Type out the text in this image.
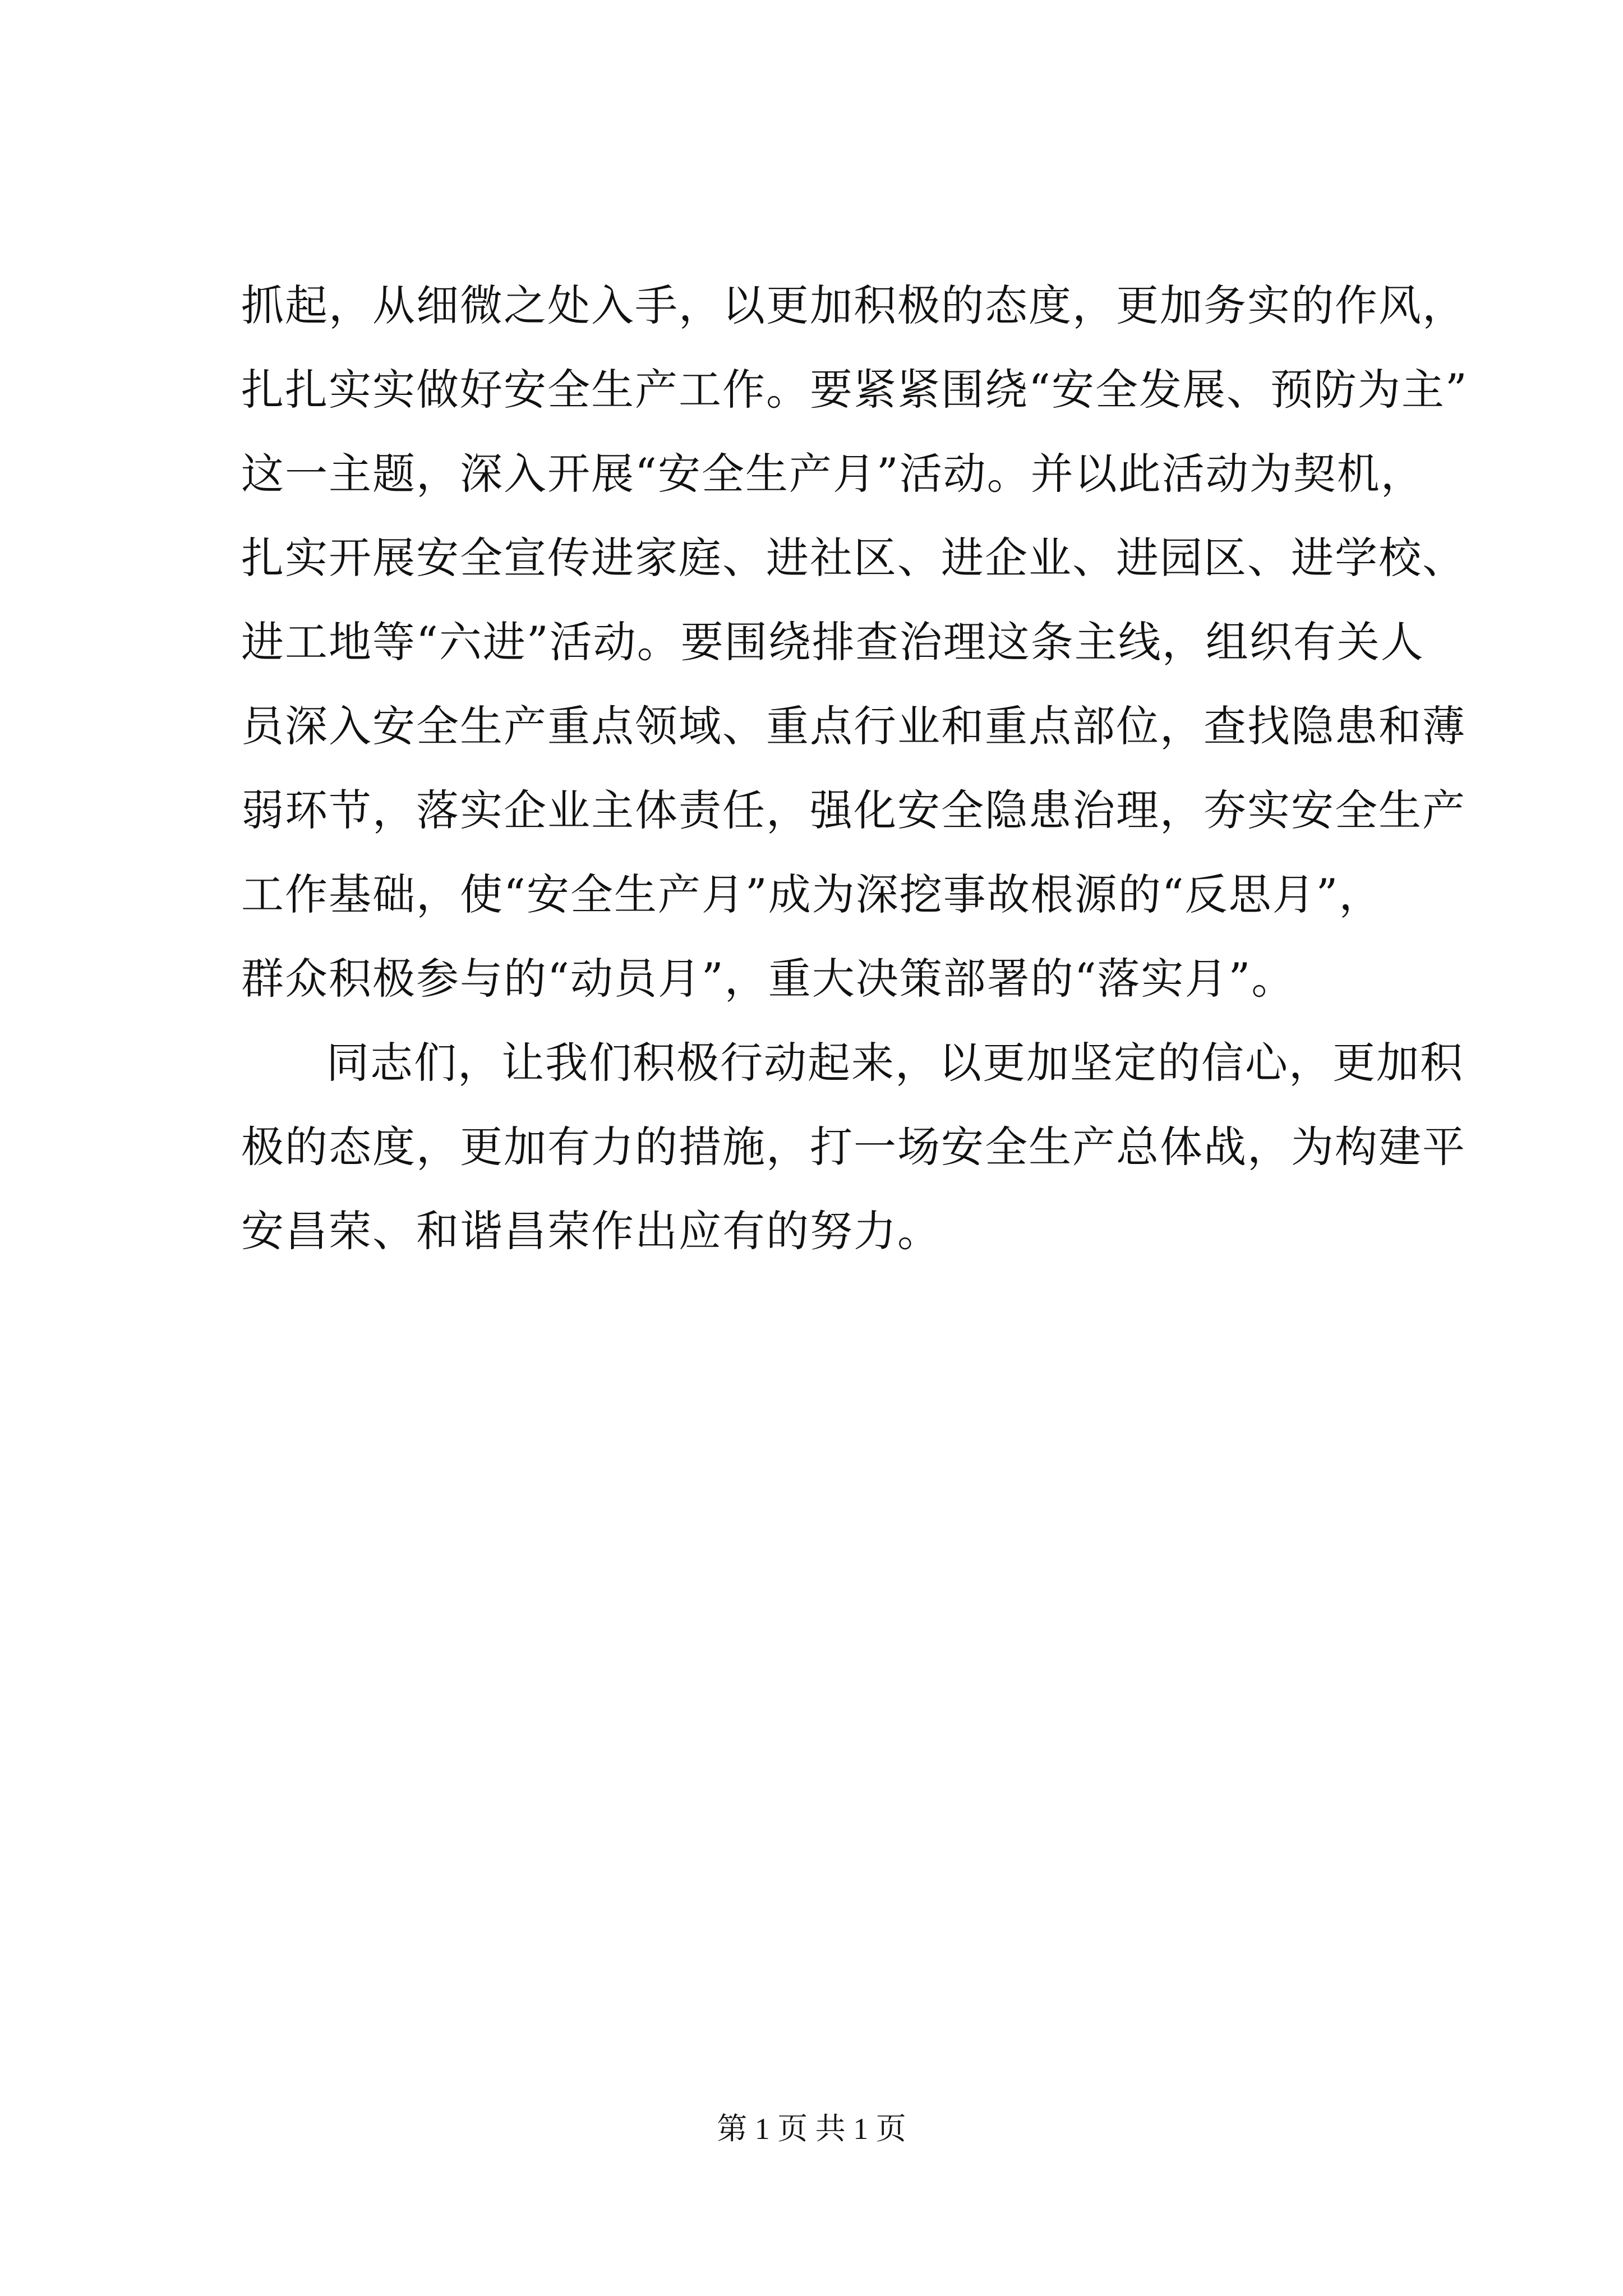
抓起，从细微之处入手，以更加积极的态度，更加务实的作风，
扎扎实实做好安全生产工作。要紧紧围绕“安全发展、预防为主”
这一主题，深入开展“安全生产月”活动。并以此活动为契机，
扎实开展安全宣传进家庭、进社区、进企业、进园区、进学校、
进工地等“六进”活动。要围绕排查治理这条主线，组织有关人
员深入安全生产重点领域、重点行业和重点部位，查找隐患和薄
弱环节，落实企业主体责任，强化安全隐患治理，夯实安全生产
工作基础，使“安全生产月”成为深挖事故根源的“反思月”，
群众积极参与的“动员月”，重大决策部署的“落实月”。
同志们，让我们积极行动起来，以更加坚定的信心，更加积
极的态度，更加有力的措施，打一场安全生产总体战，为构建平
安昌荣、和谐昌荣作出应有的努力。
第 1 页 共 1 页
